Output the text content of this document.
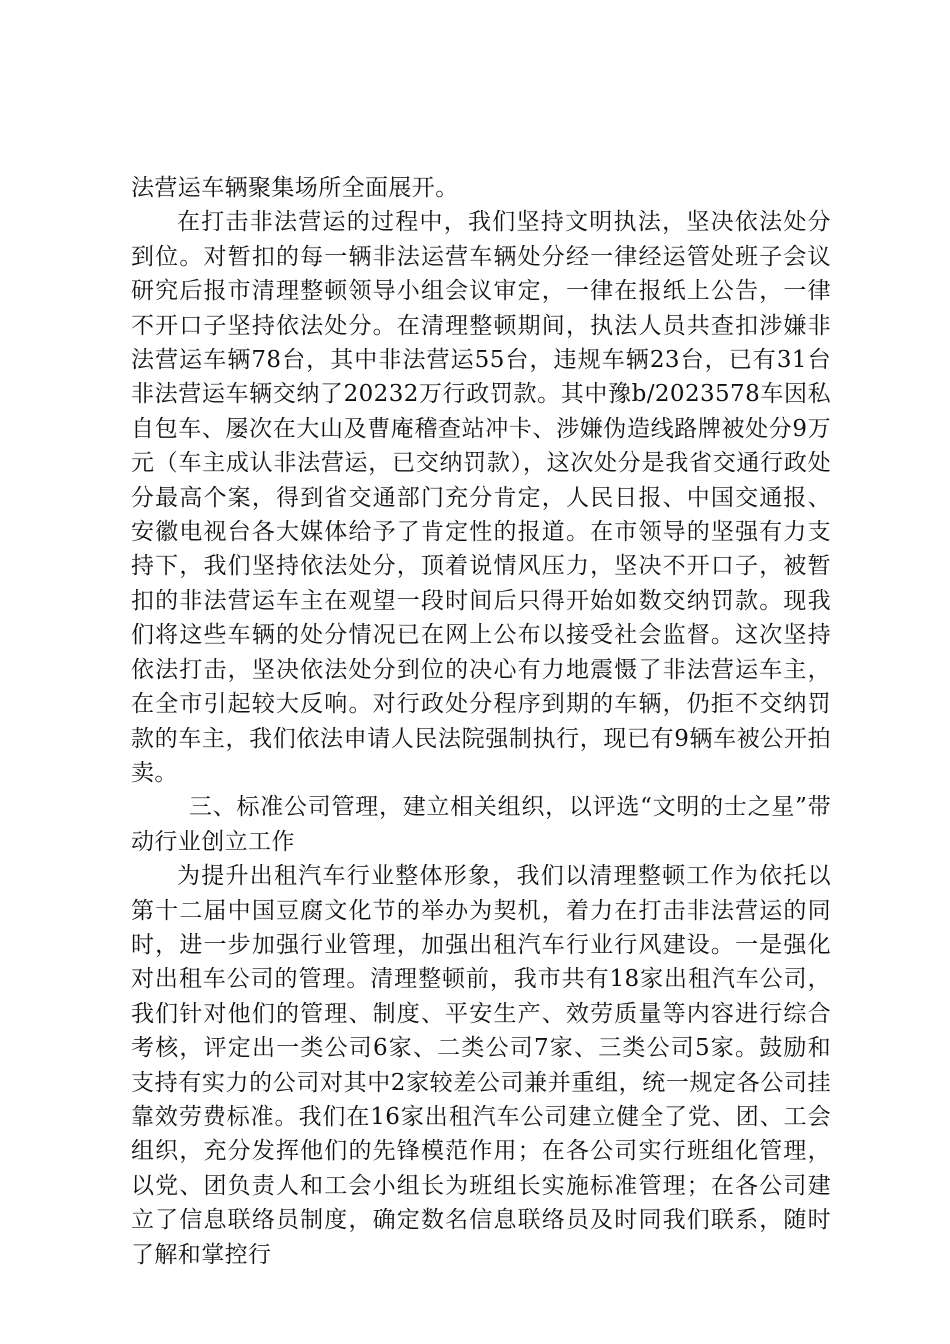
法营运车辆聚集场所全面展开。

在打击非法营运的过程中，我们坚持文明执法，坚决依法处分到位。对暂扣的每一辆非法运营车辆处分经一律经运管处班子会议研究后报市清理整顿领导小组会议审定，一律在报纸上公告，一律不开口子坚持依法处分。在清理整顿期间，执法人员共查扣涉嫌非法营运车辆78台，其中非法营运55台，违规车辆23台，已有31台非法营运车辆交纳了20232万行政罚款。其中豫b/2023578车因私自包车、屡次在大山及曹庵稽查站冲卡、涉嫌伪造线路牌被处分9万元（车主成认非法营运，已交纳罚款），这次处分是我省交通行政处分最高个案，得到省交通部门充分肯定，人民日报、中国交通报、安徽电视台各大媒体给予了肯定性的报道。在市领导的坚强有力支持下，我们坚持依法处分，顶着说情风压力，坚决不开口子，被暂扣的非法营运车主在观望一段时间后只得开始如数交纳罚款。现我们将这些车辆的处分情况已在网上公布以接受社会监督。这次坚持依法打击，坚决依法处分到位的决心有力地震慑了非法营运车主，在全市引起较大反响。对行政处分程序到期的车辆，仍拒不交纳罚款的车主，我们依法申请人民法院强制执行，现已有9辆车被公开拍卖。

三、标准公司管理，建立相关组织，以评选“文明的士之星”带动行业创立工作

为提升出租汽车行业整体形象，我们以清理整顿工作为依托以第十二届中国豆腐文化节的举办为契机，着力在打击非法营运的同时，进一步加强行业管理，加强出租汽车行业行风建设。一是强化对出租车公司的管理。清理整顿前，我市共有18家出租汽车公司，我们针对他们的管理、制度、平安生产、效劳质量等内容进行综合考核，评定出一类公司6家、二类公司7家、三类公司5家。鼓励和支持有实力的公司对其中2家较差公司兼并重组，统一规定各公司挂靠效劳费标准。我们在16家出租汽车公司建立健全了党、团、工会组织，充分发挥他们的先锋模范作用；在各公司实行班组化管理，以党、团负责人和工会小组长为班组长实施标准管理；在各公司建立了信息联络员制度，确定数名信息联络员及时同我们联系，随时了解和掌控行
